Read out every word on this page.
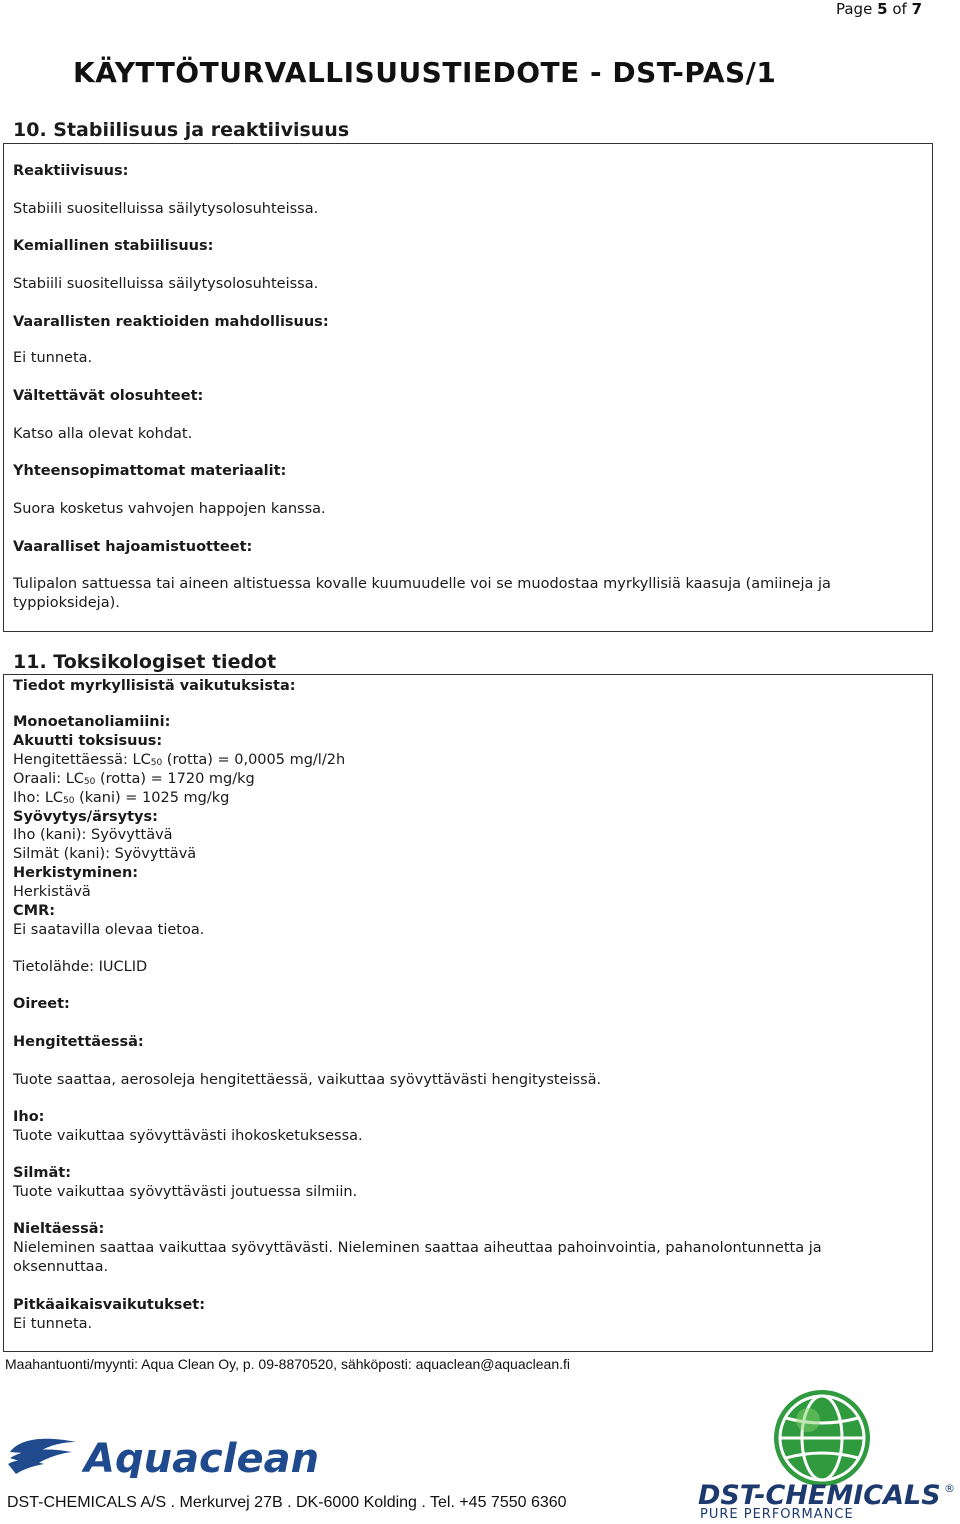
Page 5 of 7
KÄYTTÖTURVALLISUUSTIEDOTE - DST-PAS/1
10. Stabiilisuus ja reaktiivisuus
Reaktiivisuus:
Stabiili suositelluissa säilytysolosuhteissa.
Kemiallinen stabiilisuus:
Stabiili suositelluissa säilytysolosuhteissa.
Vaarallisten reaktioiden mahdollisuus:
Ei tunneta.
Vältettävät olosuhteet:
Katso alla olevat kohdat.
Yhteensopimattomat materiaalit:
Suora kosketus vahvojen happojen kanssa.
Vaaralliset hajoamistuotteet:
Tulipalon sattuessa tai aineen altistuessa kovalle kuumuudelle voi se muodostaa myrkyllisiä kaasuja (amiineja ja typpioksideja).
11. Toksikologiset tiedot
Tiedot myrkyllisistä vaikutuksista:
Monoetanoliamiini:
Akuutti toksisuus:
Hengitettäessä: $LC_{50}$ (rotta) = 0,0005 mg/l/2h
Oraali: $LC_{50}$ (rotta) = 1720 mg/kg
Iho: $LC_{50}$ (kani) = 1025 mg/kg
Syövytys/ärsytys:
Iho (kani): Syövyttävä
Silmät (kani): Syövyttävä
Herkistyminen:
Herkistävä
CMR:
Ei saatavilla olevaa tietoa.
Tietolähde: IUCLID
Oireet:
Hengitettäessä:
Tuote saattaa, aerosoleja hengitettäessä, vaikuttaa syövyttävästi hengitysteissä.
Iho:
Tuote vaikuttaa syövyttävästi ihokosketuksessa.
Silmät:
Tuote vaikuttaa syövyttävästi joutuessa silmiin.
Nieltäessä:
Nieleminen saattaa vaikuttaa syövyttävästi. Nieleminen saattaa aiheuttaa pahoinvointia, pahanolontunnetta ja oksennuttaa.
Pitkäaikaisvaikutukset:
Ei tunneta.
Maahantuonti/myynti: Aqua Clean Oy, p. 09-8870520, sähköposti: aquaclean@aquaclean.fi
Aquaclean
DST-CHEMICALS ®
PURE PERFORMANCE
DST-CHEMICALS A/S . Merkurvej 27B . DK-6000 Kolding . Tel. +45 7550 6360
